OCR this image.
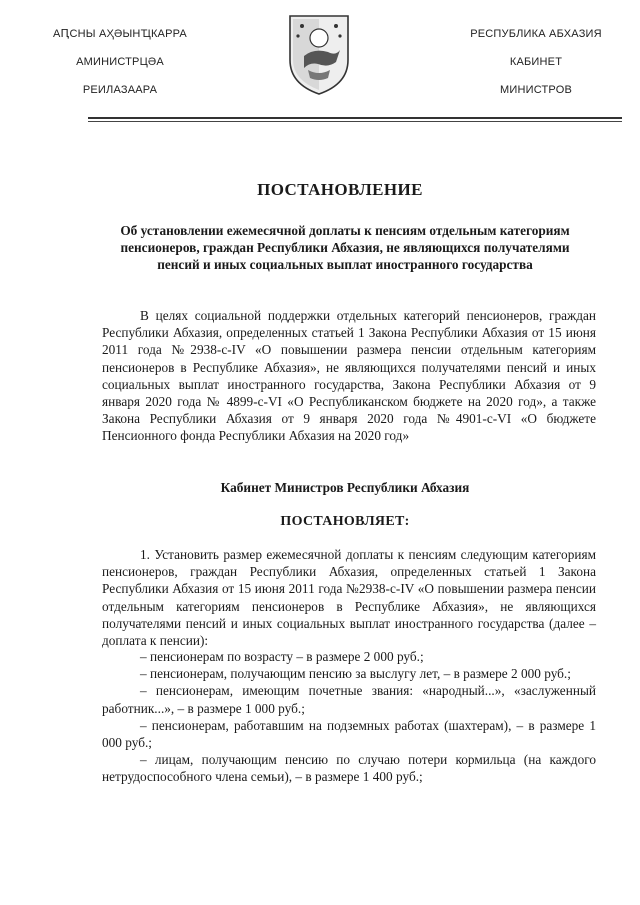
АԤСНЫ АҲӘЫНҴКАРРА
АМИНИСТРЦӘА
РЕИЛАЗААРА
РЕСПУБЛИКА АБХАЗИЯ
КАБИНЕТ
МИНИСТРОВ
ПОСТАНОВЛЕНИЕ
Об установлении ежемесячной доплаты к пенсиям отдельным категориям пенсионеров, граждан Республики Абхазия, не являющихся получателями пенсий и иных социальных выплат иностранного государства
В целях социальной поддержки отдельных категорий пенсионеров, граждан Республики Абхазия, определенных статьей 1 Закона Республики Абхазия от 15 июня 2011 года №2938-с-IV «О повышении размера пенсии отдельным категориям пенсионеров в Республике Абхазия», не являющихся получателями пенсий и иных социальных выплат иностранного государства, Закона Республики Абхазия от 9 января 2020 года № 4899-с-VI «О Республиканском бюджете на 2020 год», а также Закона Республики Абхазия от 9 января 2020 года №4901-с-VI «О бюджете Пенсионного фонда Республики Абхазия на 2020 год»
Кабинет Министров Республики Абхазия
ПОСТАНОВЛЯЕТ:
1. Установить размер ежемесячной доплаты к пенсиям следующим категориям пенсионеров, граждан Республики Абхазия, определенных статьей 1 Закона Республики Абхазия от 15 июня 2011 года №2938-с-IV «О повышении размера пенсии отдельным категориям пенсионеров в Республике Абхазия», не являющихся получателями пенсий и иных социальных выплат иностранного государства (далее – доплата к пенсии):
– пенсионерам по возрасту – в размере 2 000 руб.;
– пенсионерам, получающим пенсию за выслугу лет, – в размере 2 000 руб.;
– пенсионерам, имеющим почетные звания: «народный...», «заслуженный работник...», – в размере 1 000 руб.;
– пенсионерам, работавшим на подземных работах (шахтерам), – в размере 1 000 руб.;
– лицам, получающим пенсию по случаю потери кормильца (на каждого нетрудоспособного члена семьи), – в размере 1 400 руб.;
